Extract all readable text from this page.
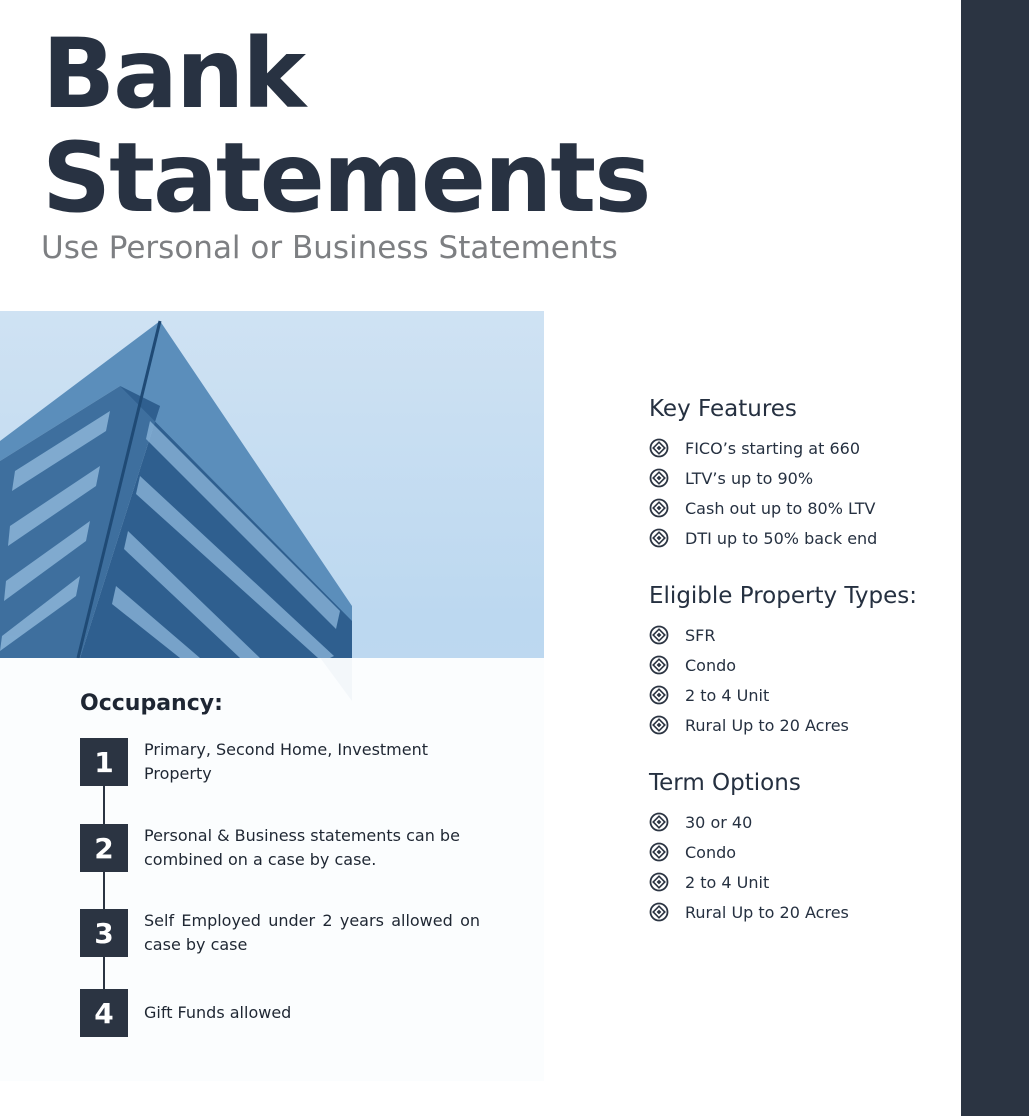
Bank
Statements
Use Personal or Business Statements
Occupancy:
1	Primary, Second Home, Investment Property
2	Personal & Business statements can be combined on a case by case.
3	Self Employed under 2 years allowed on case by case
4	Gift Funds allowed
Key Features
FICO’s starting at 660
LTV’s up to 90%
Cash out up to 80% LTV
DTI up to 50% back end
Eligible Property Types:
SFR
Condo
2 to 4 Unit
Rural Up to 20 Acres
Term Options
30 or 40
Condo
2 to 4 Unit
Rural Up to 20 Acres
